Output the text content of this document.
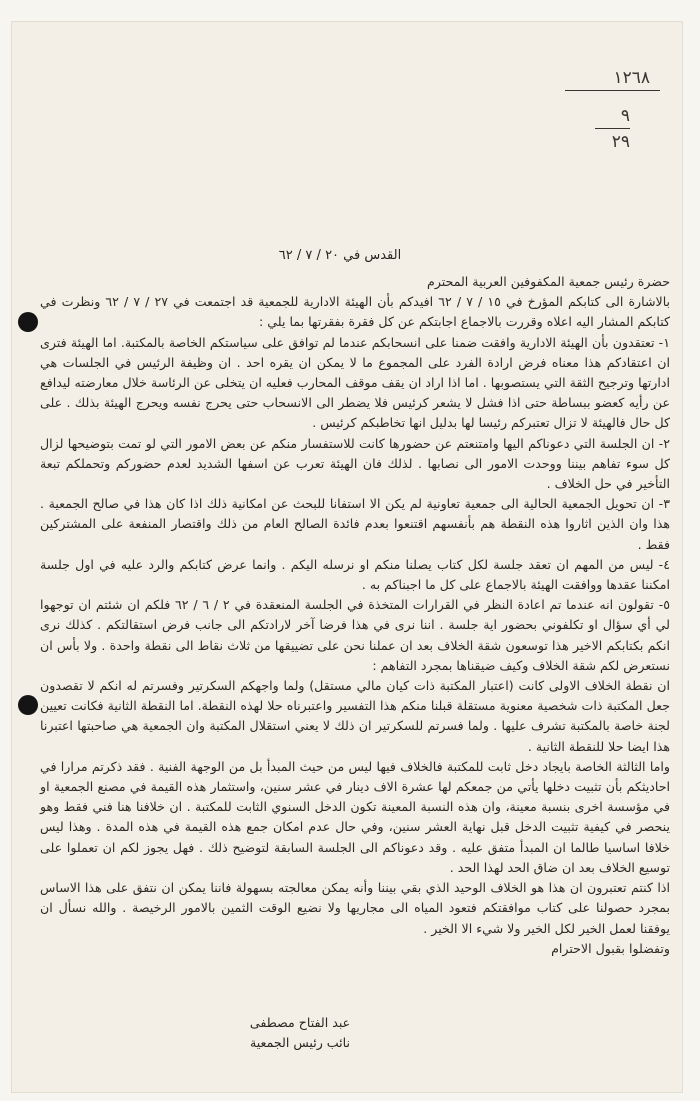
١٢٦٨
٩
٢٩
القدس في ٢٠ / ٧ / ٦٢

حضرة رئيس جمعية المكفوفين العربية المحترم

بالاشارة الى كتابكم المؤرخ في ١٥ / ٧ / ٦٢ افيدكم بأن الهيئة الادارية للجمعية قد اجتمعت في ٢٧ / ٧ / ٦٢ ونظرت في كتابكم المشار اليه اعلاه وقررت بالاجماع اجابتكم عن كل فقرة بفقرتها بما يلي :

١- تعتقدون بأن الهيئة الادارية وافقت ضمنا على انسحابكم عندما لم توافق على سياستكم الخاصة بالمكتبة. اما الهيئة فترى ان اعتقادكم هذا معناه فرض ارادة الفرد على المجموع ما لا يمكن ان يقره احد . ان وظيفة الرئيس في الجلسات هي ادارتها وترجيح الثقة التي يستصوبها . اما اذا اراد ان يقف موقف المحارب فعليه ان يتخلى عن الرئاسة خلال معارضته ليدافع عن رأيه كعضو ببساطة حتى اذا فشل لا يشعر كرئيس فلا يضطر الى الانسحاب حتى يحرج نفسه ويحرج الهيئة بذلك . على كل حال فالهيئة لا تزال تعتبركم رئيسا لها بدليل انها تخاطبكم كرئيس .

٢- ان الجلسة التي دعوناكم اليها وامتنعتم عن حضورها كانت للاستفسار منكم عن بعض الامور التي لو تمت بتوضيحها لزال كل سوء تفاهم بيننا ووحدت الامور الى نصابها . لذلك فان الهيئة تعرب عن اسفها الشديد لعدم حضوركم وتحملكم تبعة التأخير في حل الخلاف .

٣- ان تحويل الجمعية الحالية الى جمعية تعاونية لم يكن الا استفانا للبحث عن امكانية ذلك اذا كان هذا في صالح الجمعية . هذا وان الذين اثاروا هذه النقطة هم بأنفسهم اقتنعوا بعدم فائدة الصالح العام من ذلك واقتصار المنفعة على المشتركين فقط .

٤- ليس من المهم ان تعقد جلسة لكل كتاب يصلنا منكم او نرسله اليكم . وانما عرض كتابكم والرد عليه في اول جلسة امكننا عقدها ووافقت الهيئة بالاجماع على كل ما اجبناكم به .

٥- تقولون انه عندما تم اعادة النظر في القرارات المتخذة في الجلسة المنعقدة في ٢ / ٦ / ٦٢ فلكم ان شئتم ان توجهوا لي أي سؤال او تكلفوني بحضور اية جلسة . اننا نرى في هذا فرضا آخر لارادتكم الى جانب فرض استقالتكم . كذلك نرى انكم بكتابكم الاخير هذا توسعون شقة الخلاف بعد ان عملنا نحن على تضييقها من ثلاث نقاط الى نقطة واحدة . ولا بأس ان نستعرض لكم شقة الخلاف وكيف ضيقناها بمجرد التفاهم :

ان نقطة الخلاف الاولى كانت (اعتبار المكتبة ذات كيان مالي مستقل) ولما واجهكم السكرتير وفسرتم له انكم لا تقصدون جعل المكتبة ذات شخصية معنوية مستقلة قبلنا منكم هذا التفسير واعتبرناه حلا لهذه النقطة. اما النقطة الثانية فكانت تعيين لجنة خاصة بالمكتبة تشرف عليها . ولما فسرتم للسكرتير ان ذلك لا يعني استقلال المكتبة وان الجمعية هي صاحبتها اعتبرنا هذا ايضا حلا للنقطة الثانية .

واما الثالثة الخاصة بايجاد دخل ثابت للمكتبة فالخلاف فيها ليس من حيث المبدأ بل من الوجهة الفنية . فقد ذكرتم مرارا في احاديثكم بأن تثبيت دخلها يأتي من جمعكم لها عشرة الاف دينار في عشر سنين، واستثمار هذه القيمة في مصنع الجمعية او في مؤسسة اخرى بنسبة معينة، وان هذه النسبة المعينة تكون الدخل السنوي الثابت للمكتبة . ان خلافنا هنا فني فقط وهو ينحصر في كيفية تثبيت الدخل قبل نهاية العشر سنين، وفي حال عدم امكان جمع هذه القيمة في هذه المدة . وهذا ليس خلافا اساسيا طالما ان المبدأ متفق عليه . وقد دعوناكم الى الجلسة السابقة لتوضيح ذلك . فهل يجوز لكم ان تعملوا على توسيع الخلاف بعد ان ضاق الحد لهذا الحد .

اذا كنتم تعتبرون ان هذا هو الخلاف الوحيد الذي بقي بيننا وأنه يمكن معالجته بسهولة فاننا يمكن ان نتفق على هذا الاساس بمجرد حصولنا على كتاب موافقتكم فتعود المياه الى مجاريها ولا نضيع الوقت الثمين بالامور الرخيصة . والله نسأل ان يوفقنا لعمل الخير لكل الخير ولا شيء الا الخير .

وتفضلوا بقبول الاحترام

عبد الفتاح مصطفى
نائب رئيس الجمعية
